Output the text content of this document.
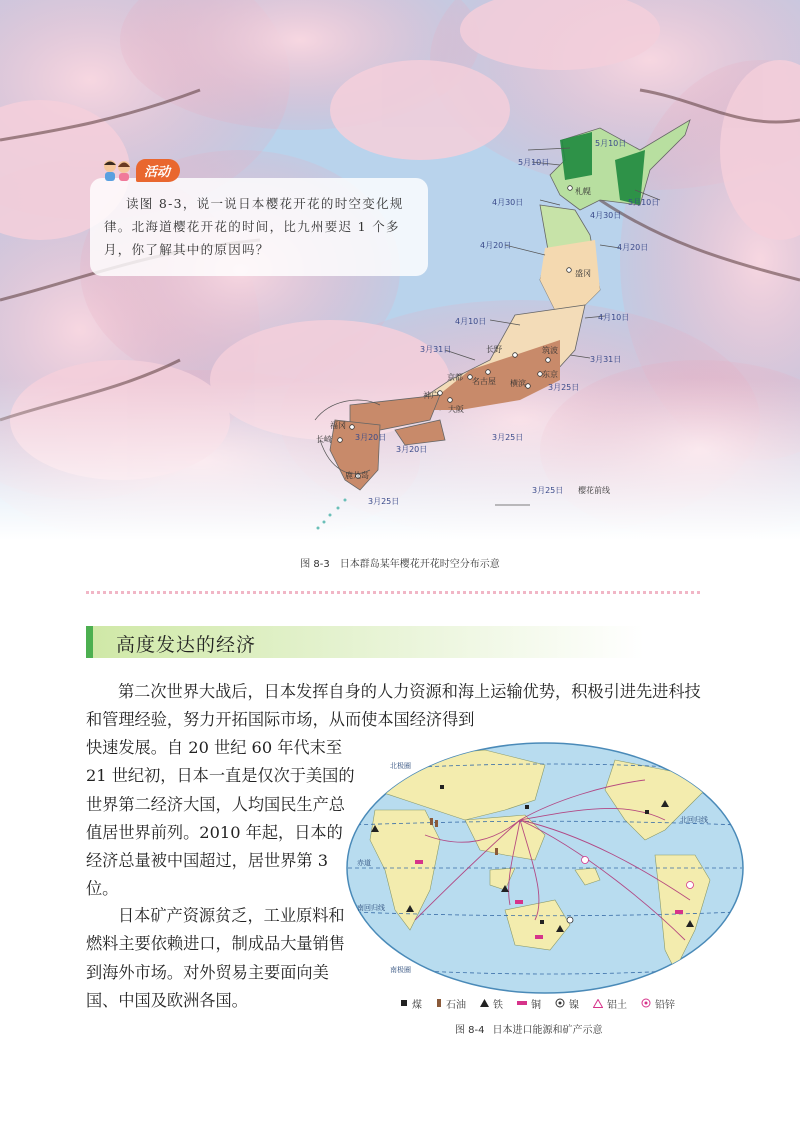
札幌
盛冈
长野	筑波
东京
京都 名古屋
神户
大阪
横滨
福冈
长崎
鹿儿岛
5月10日
5月10日
5月10日
4月30日
4月30日
4月20日	4月20日
4月10日	4月10日
3月31日
3月31日
3月25日
3月25日
3月20日
3月20日
3月25日
3月25日 樱花前线

读图 8-3，说一说日本樱花开花的时空变化规律。北海道樱花开花的时间，比九州要迟 1 个多月，你了解其中的原因吗？

活动
图 8-3 日本群岛某年樱花开花时空分布示意
高度发达的经济

第二次世界大战后，日本发挥自身的人力资源和海上运输优势，积极引进先进科技和管理经验，努力开拓国际市场，从而使本国经济得到

快速发展。自 20 世纪 60 年代末至 21 世纪初，日本一直是仅次于美国的世界第二经济大国，人均国民生产总值居世界前列。2010 年起，日本的经济总量被中国超过，居世界第 3 位。

日本矿产资源贫乏，工业原料和燃料主要依赖进口，制成品大量销售到海外市场。对外贸易主要面向美国、中国及欧洲各国。

北极圈
北回归线
赤道
南回归线
南极圈
煤 石油	铁	铜	镍	铝土	铅锌
图 8-4 日本进口能源和矿产示意
